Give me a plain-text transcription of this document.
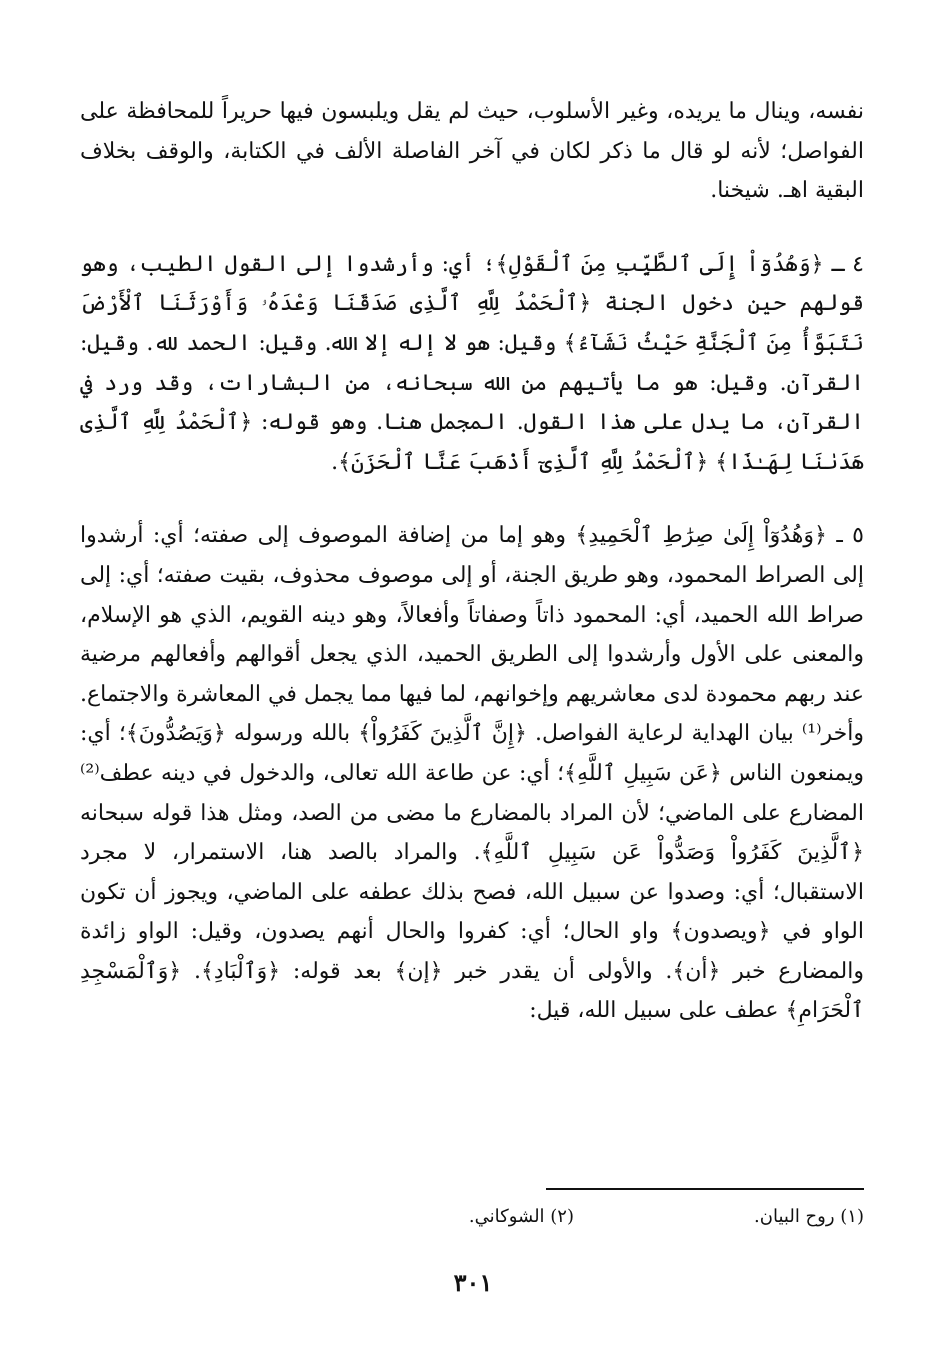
نفسه، وينال ما يريده، وغير الأسلوب، حيث لم يقل ويلبسون فيها حريراً للمحافظة على الفواصل؛ لأنه لو قال ما ذكر لكان في آخر الفاصلة الألف في الكتابة، والوقف بخلاف البقية اهـ. شيخنا.

٤ ـ ﴿وَهُدُوٓاْ إِلَى ٱلطَّيِّبِ مِنَ ٱلْقَوْلِ﴾؛ أي: وأرشدوا إلى القول الطيب، وهو قولهم حين دخول الجنة ﴿ٱلْحَمْدُ لِلَّهِ ٱلَّذِى صَدَقَنَا وَعْدَهُۥ وَأَوْرَثَنَا ٱلْأَرْضَ نَتَبَوَّأُ مِنَ ٱلْجَنَّةِ حَيْثُ نَشَآءُ﴾ وقيل: هو لا إله إلا الله. وقيل: الحمد لله. وقيل: القرآن. وقيل: هو ما يأتيهم من الله سبحانه، من البشارات، وقد ورد في القرآن، ما يدل على هذا القول. المجمل هنا. وهو قوله: ﴿ٱلْحَمْدُ لِلَّهِ ٱلَّذِى هَدَىٰنَا لِهَـٰذَا﴾ ﴿ٱلْحَمْدُ لِلَّهِ ٱلَّذِىٓ أَذْهَبَ عَنَّا ٱلْحَزَنَ﴾.

٥ ـ ﴿وَهُدُوٓاْ إِلَىٰ صِرَٰطِ ٱلْحَمِيدِ﴾ وهو إما من إضافة الموصوف إلى صفته؛ أي: أرشدوا إلى الصراط المحمود، وهو طريق الجنة، أو إلى موصوف محذوف، بقيت صفته؛ أي: إلى صراط الله الحميد، أي: المحمود ذاتاً وصفاتاً وأفعالاً، وهو دينه القويم، الذي هو الإسلام، والمعنى على الأول وأرشدوا إلى الطريق الحميد، الذي يجعل أقوالهم وأفعالهم مرضية عند ربهم محمودة لدى معاشريهم وإخوانهم، لما فيها مما يجمل في المعاشرة والاجتماع. وأخر⁽¹⁾ بيان الهداية لرعاية الفواصل. ﴿إِنَّ ٱلَّذِينَ كَفَرُواْ﴾ بالله ورسوله ﴿وَيَصُدُّونَ﴾؛ أي: ويمنعون الناس ﴿عَن سَبِيلِ ٱللَّهِ﴾؛ أي: عن طاعة الله تعالى، والدخول في دينه عطف⁽²⁾ المضارع على الماضي؛ لأن المراد بالمضارع ما مضى من الصد، ومثل هذا قوله سبحانه ﴿ٱلَّذِينَ كَفَرُواْ وَصَدُّواْ عَن سَبِيلِ ٱللَّهِ﴾. والمراد بالصد هنا، الاستمرار، لا مجرد الاستقبال؛ أي: وصدوا عن سبيل الله، فصح بذلك عطفه على الماضي، ويجوز أن تكون الواو في ﴿ويصدون﴾ واو الحال؛ أي: كفروا والحال أنهم يصدون، وقيل: الواو زائدة والمضارع خبر ﴿أن﴾. والأولى أن يقدر خبر ﴿إن﴾ بعد قوله: ﴿وَٱلْبَادِ﴾. ﴿وَٱلْمَسْجِدِ ٱلْحَرَامِ﴾ عطف على سبيل الله، قيل:

(١) روح البيان.
(٢) الشوكاني.
٣٠١
